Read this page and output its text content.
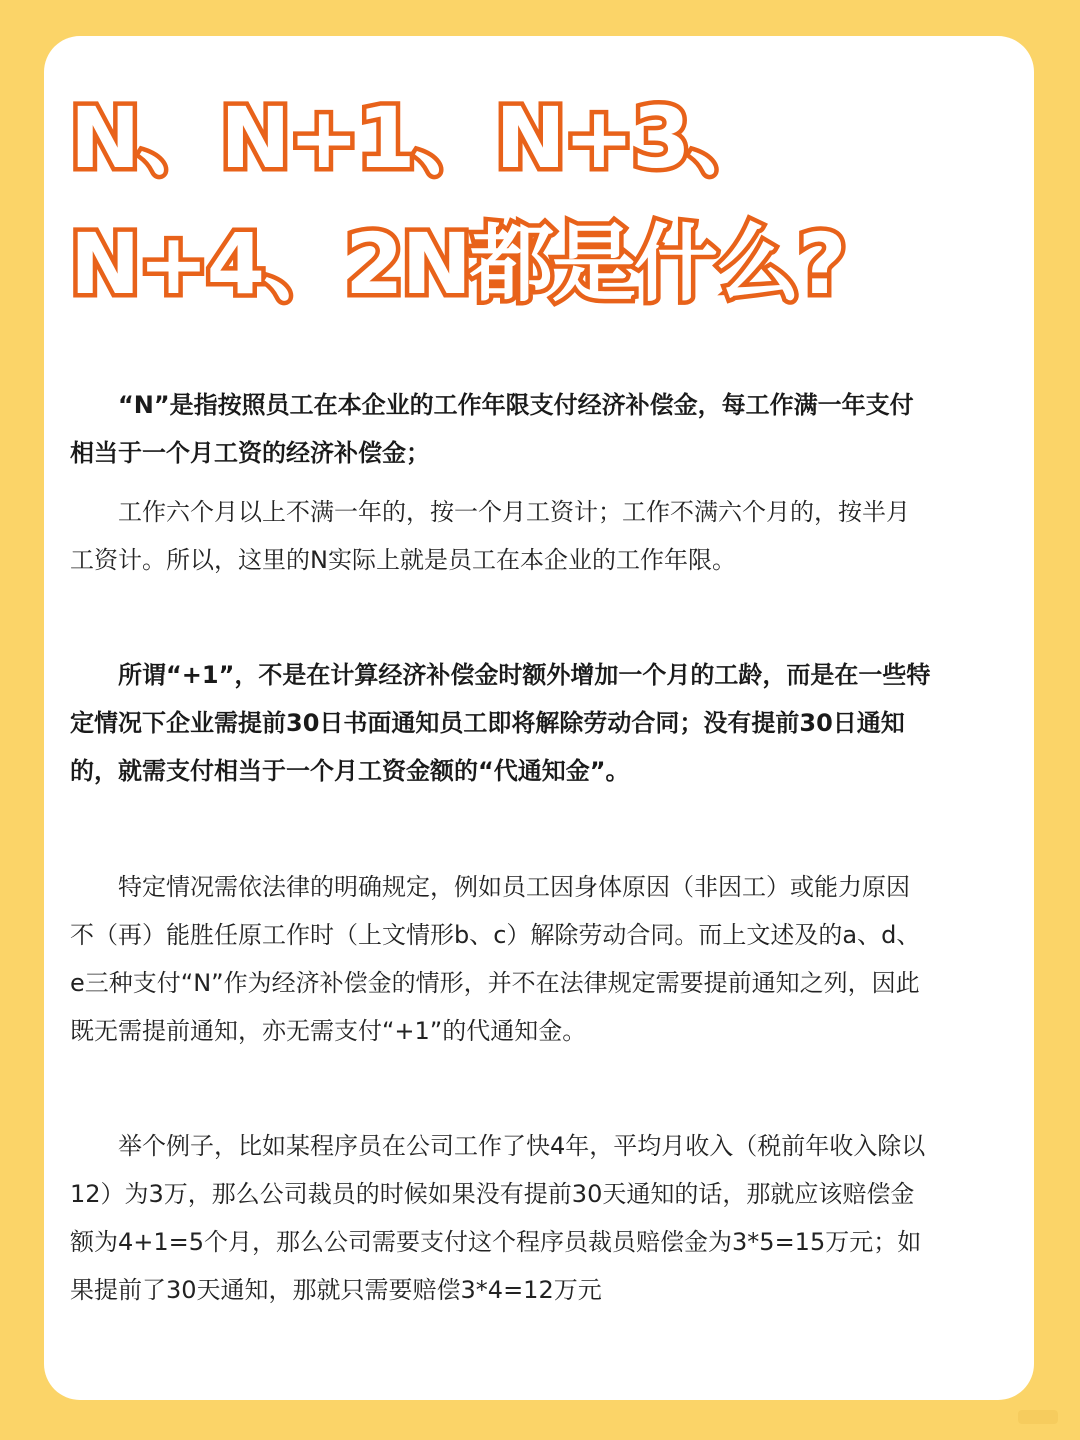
N、N+1、N+3、
N+4、2N都是什么?

“N”是指按照员工在本企业的工作年限支付经济补偿金，每工作满一年支付相当于一个月工资的经济补偿金；

工作六个月以上不满一年的，按一个月工资计；工作不满六个月的，按半月工资计。所以，这里的N实际上就是员工在本企业的工作年限。

所谓“+1”，不是在计算经济补偿金时额外增加一个月的工龄，而是在一些特定情况下企业需提前30日书面通知员工即将解除劳动合同；没有提前30日通知的，就需支付相当于一个月工资金额的“代通知金”。

特定情况需依法律的明确规定，例如员工因身体原因（非因工）或能力原因不（再）能胜任原工作时（上文情形b、c）解除劳动合同。而上文述及的a、d、e三种支付“N”作为经济补偿金的情形，并不在法律规定需要提前通知之列，因此既无需提前通知，亦无需支付“+1”的代通知金。

举个例子，比如某程序员在公司工作了快4年，平均月收入（税前年收入除以12）为3万，那么公司裁员的时候如果没有提前30天通知的话，那就应该赔偿金额为4+1=5个月，那么公司需要支付这个程序员裁员赔偿金为3*5=15万元；如果提前了30天通知，那就只需要赔偿3*4=12万元
